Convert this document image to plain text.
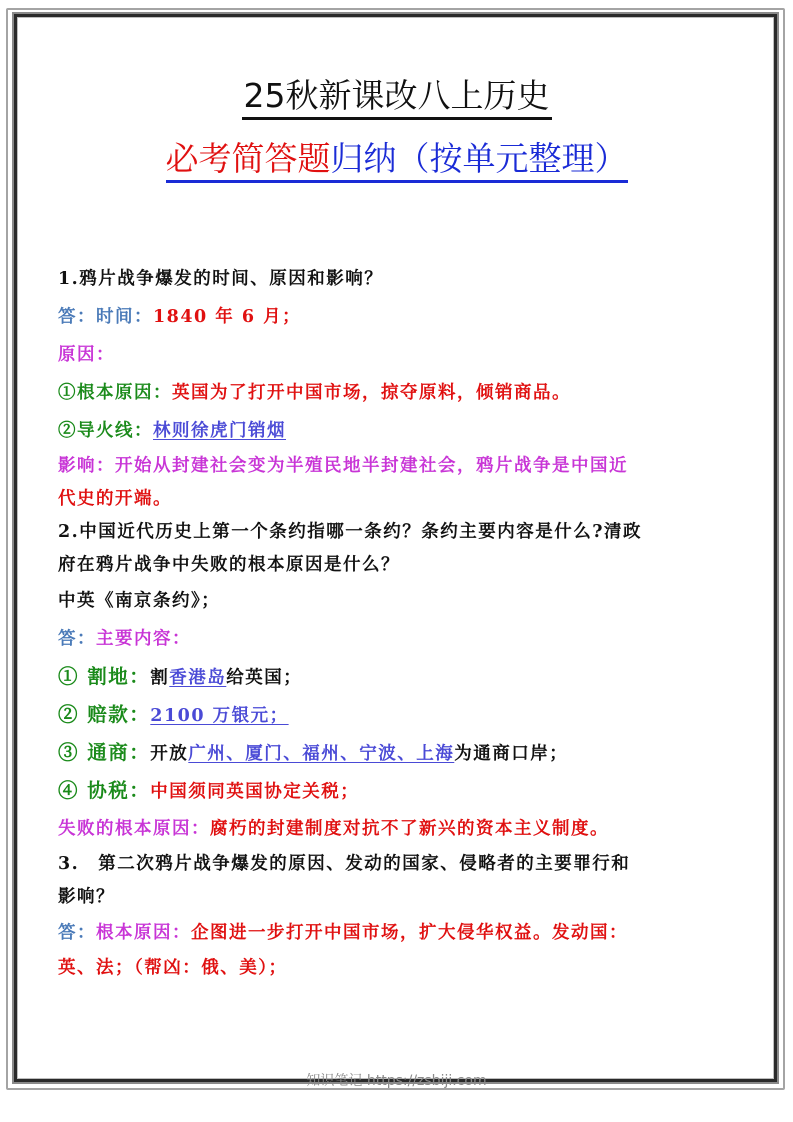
25秋新课改八上历史
必考简答题归纳（按单元整理）
1.鸦片战争爆发的时间、原因和影响？
答：时间：1840 年 6 月；
原因：
①根本原因：英国为了打开中国市场，掠夺原料，倾销商品。
②导火线：林则徐虎门销烟
影响：开始从封建社会变为半殖民地半封建社会，鸦片战争是中国近
代史的开端。
2.中国近代历史上第一个条约指哪一条约？条约主要内容是什么?清政
府在鸦片战争中失败的根本原因是什么？
中英《南京条约》；
答：主要内容：
① 割地：割香港岛给英国；
② 赔款：2100 万银元；
③ 通商：开放广州、厦门、福州、宁波、上海为通商口岸；
④ 协税：中国须同英国协定关税；
失败的根本原因：腐朽的封建制度对抗不了新兴的资本主义制度。
3.　第二次鸦片战争爆发的原因、发动的国家、侵略者的主要罪行和
影响？
答：根本原因：企图进一步打开中国市场，扩大侵华权益。发动国：
英、法；（帮凶：俄、美）；
知识笔记 https://zsbiji.com
